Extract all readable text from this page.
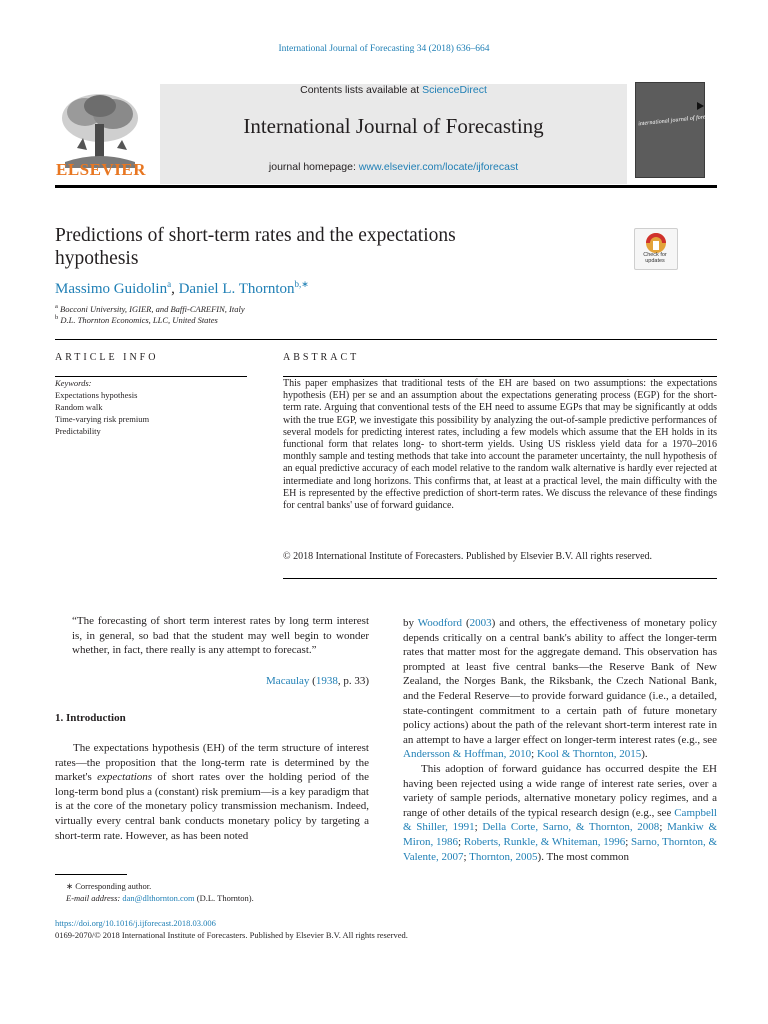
International Journal of Forecasting 34 (2018) 636–664
ELSEVIER
Contents lists available at ScienceDirect
International Journal of Forecasting
journal homepage: www.elsevier.com/locate/ijforecast
international journal of forecasting
Predictions of short-term rates and the expectations
hypothesis	Check for updates
Massimo Guidolin$^a$, Daniel L. Thornton$^{b,∗}$
$^a$ Bocconi University, IGIER, and Baffi-CAREFIN, Italy
$^b$ D.L. Thornton Economics, LLC, United States
ARTICLE INFO	ABSTRACT
Keywords:
Expectations hypothesis
Random walk
Time-varying risk premium
Predictability
This paper emphasizes that traditional tests of the EH are based on two assumptions: the expectations hypothesis (EH) per se and an assumption about the expectations generating process (EGP) for the short-term rate. Arguing that conventional tests of the EH need to assume EGPs that may be significantly at odds with the true EGP, we investigate this possibility by analyzing the out-of-sample predictive performances of several models for predicting interest rates, including a few models which assume that the EH holds in its functional form that relates long- to short-term yields. Using US riskless yield data for a 1970–2016 monthly sample and testing methods that take into account the parameter uncertainty, the null hypothesis of an equal predictive accuracy of each model relative to the random walk alternative is hardly ever rejected at intermediate and long horizons. This confirms that, at least at a practical level, the main difficulty with the EH is represented by the effective prediction of short-term rates. We discuss the relevance of these findings for central banks' use of forward guidance.
© 2018 International Institute of Forecasters. Published by Elsevier B.V. All rights reserved.
“The forecasting of short term interest rates by long term interest is, in general, so bad that the student may well begin to wonder whether, in fact, there really is any attempt to forecast.”
Macaulay (1938, p. 33)
1. Introduction

The expectations hypothesis (EH) of the term structure of interest rates—the proposition that the long-term rate is determined by the market's expectations of short rates over the holding period of the long-term bond plus a (constant) risk premium—is a key paradigm that is at the core of the monetary policy transmission mechanism. Indeed, virtually every central bank conducts monetary policy by targeting a short-term rate. However, as has been noted

by Woodford (2003) and others, the effectiveness of monetary policy depends critically on a central bank's ability to affect the longer-term rates that matter most for the aggregate demand. This observation has prompted at least five central banks—the Reserve Bank of New Zealand, the Norges Bank, the Riksbank, the Czech National Bank, and the Federal Reserve—to provide forward guidance (i.e., a detailed, state-contingent commitment to a certain path of future monetary policy actions) about the path of the relevant short-term interest rate in an attempt to have a larger effect on longer-term interest rates (e.g., see Andersson & Hoffman, 2010; Kool & Thornton, 2015).

This adoption of forward guidance has occurred despite the EH having been rejected using a wide range of interest rate series, over a variety of sample periods, alternative monetary policy regimes, and a range of other details of the typical research design (e.g., see Campbell & Shiller, 1991; Della Corte, Sarno, & Thornton, 2008; Mankiw & Miron, 1986; Roberts, Runkle, & Whiteman, 1996; Sarno, Thornton, & Valente, 2007; Thornton, 2005). The most common

∗ Corresponding author.
E-mail address: dan@dlthornton.com (D.L. Thornton).
https://doi.org/10.1016/j.ijforecast.2018.03.006
0169-2070/© 2018 International Institute of Forecasters. Published by Elsevier B.V. All rights reserved.
